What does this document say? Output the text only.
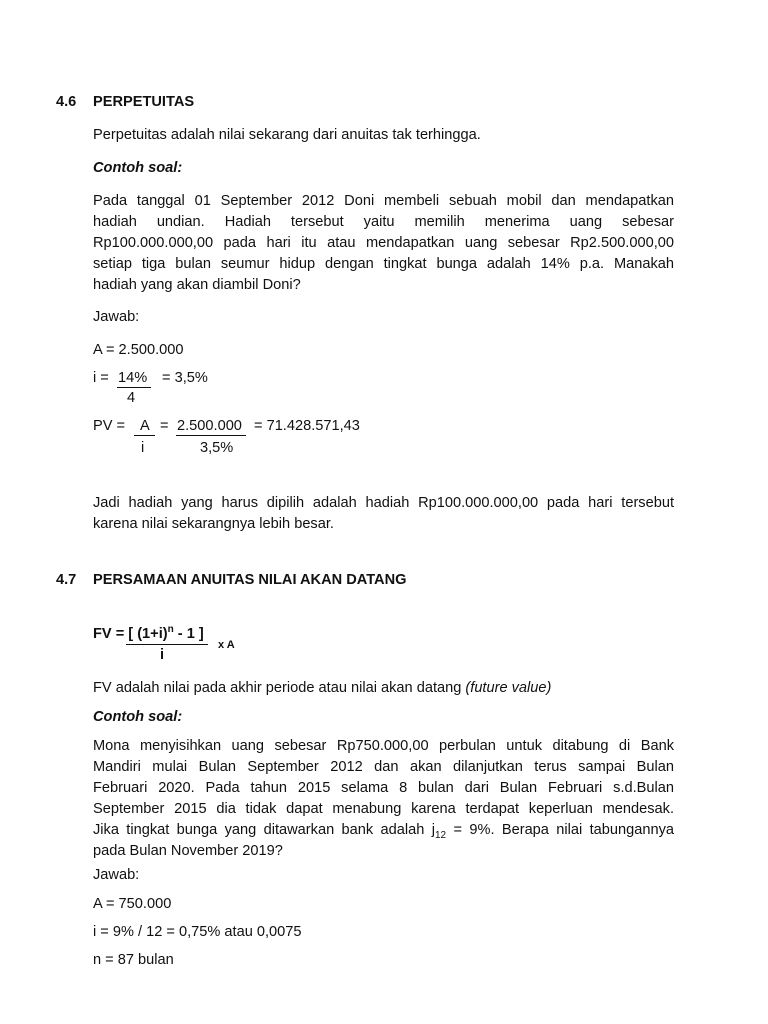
4.6 PERPETUITAS
Perpetuitas adalah nilai sekarang dari anuitas tak terhingga.
Contoh soal:
Pada tanggal 01 September 2012 Doni membeli sebuah mobil dan mendapatkan
hadiah undian. Hadiah tersebut yaitu memilih menerima uang sebesar
Rp100.000.000,00 pada hari itu atau mendapatkan uang sebesar Rp2.500.000,00
setiap tiga bulan seumur hidup dengan tingkat bunga adalah 14% p.a. Manakah
hadiah yang akan diambil Doni?
Jawab:
A = 2.500.000
i = 14% = 3,5%
4
PV = A = 2.500.000 = 71.428.571,43
i	3,5%
Jadi hadiah yang harus dipilih adalah hadiah Rp100.000.000,00 pada hari tersebut
karena nilai sekarangnya lebih besar.
4.7 PERSAMAAN ANUITAS NILAI AKAN DATANG
FV = [ $(1+i)^n - 1$ ]
i
x A
FV adalah nilai pada akhir periode atau nilai akan datang (future value)
Contoh soal:
Mona menyisihkan uang sebesar Rp750.000,00 perbulan untuk ditabung di Bank
Mandiri mulai Bulan September 2012 dan akan dilanjutkan terus sampai Bulan
Februari 2020. Pada tahun 2015 selama 8 bulan dari Bulan Februari s.d.Bulan
September 2015 dia tidak dapat menabung karena terdapat keperluan mendesak.
Jika tingkat bunga yang ditawarkan bank adalah $j_{12} = 9\%$. Berapa nilai tabungannya
pada Bulan November 2019?
Jawab:
A = 750.000
i = 9% / 12 = 0,75% atau 0,0075
n = 87 bulan
